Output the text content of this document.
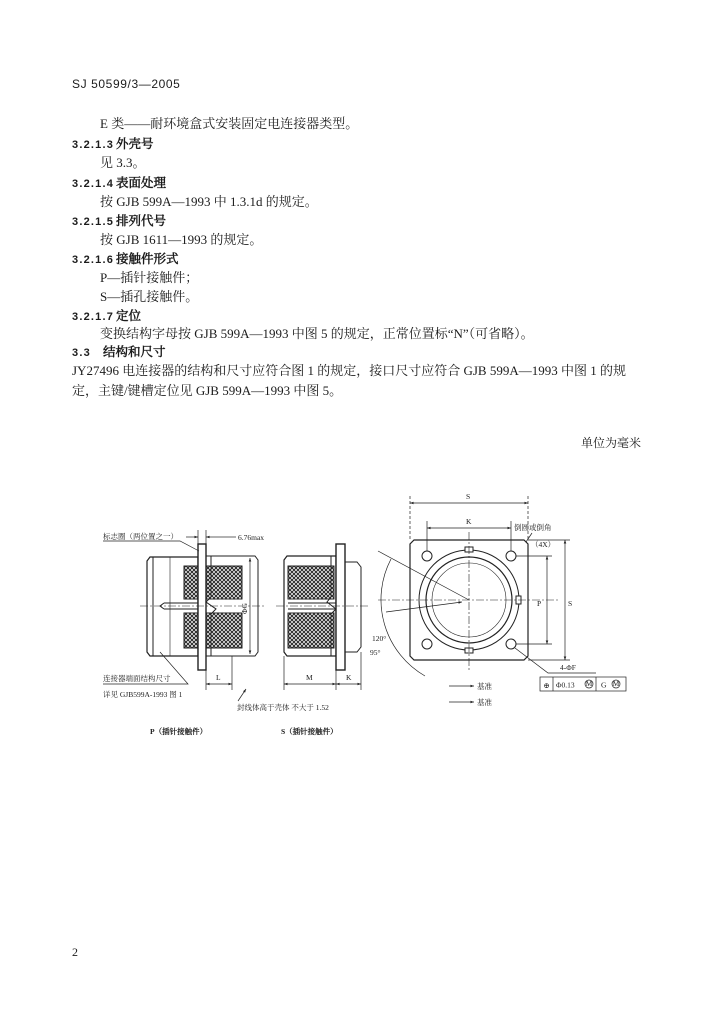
SJ 50599/3—2005
E 类——耐环境盒式安装固定电连接器类型。
3.2.1.3 外壳号
见 3.3。
3.2.1.4 表面处理
按 GJB 599A—1993 中 1.3.1d 的规定。
3.2.1.5 排列代号
按 GJB 1611—1993 的规定。
3.2.1.6 接触件形式
P—插针接触件；
S—插孔接触件。
3.2.1.7 定位
变换结构字母按 GJB 599A—1993 中图 5 的规定，正常位置标“N”（可省略）。
3.3 结构和尺寸
JY27496 电连接器的结构和尺寸应符合图 1 的规定，接口尺寸应符合 GJB 599A—1993 中图 1 的规
定，主键/键槽定位见 GJB 599A—1993 中图 5。
单位为毫米
标志圈（两位置之一）	6.76max
ΦG
L
封线体高于壳体 不大于 1.52
连接器端面结构尺寸
详见 GJB599A-1993 图 1
P（插针接触件）
M	K
S（插针接触件）
S
K
倒圆或倒角
（4X）
P	S
120°
95°
4-ΦF
⊕ Φ0.13 M G M
基准
基准
2
